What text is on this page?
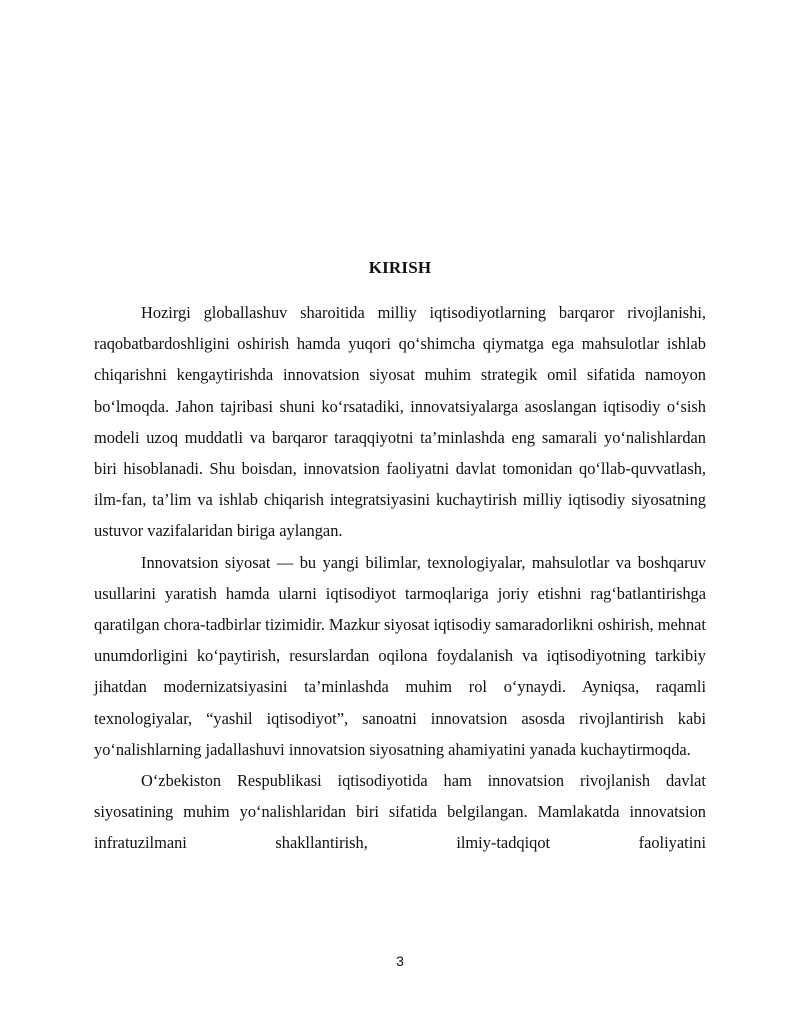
KIRISH

Hozirgi globallashuv sharoitida milliy iqtisodiyotlarning barqaror rivojlanishi, raqobatbardoshligini oshirish hamda yuqori qo‘shimcha qiymatga ega mahsulotlar ishlab chiqarishni kengaytirishda innovatsion siyosat muhim strategik omil sifatida namoyon bo‘lmoqda. Jahon tajribasi shuni ko‘rsatadiki, innovatsiyalarga asoslangan iqtisodiy o‘sish modeli uzoq muddatli va barqaror taraqqiyotni ta’minlashda eng samarali yo‘nalishlardan biri hisoblanadi. Shu boisdan, innovatsion faoliyatni davlat tomonidan qo‘llab-quvvatlash, ilm-fan, ta’lim va ishlab chiqarish integratsiyasini kuchaytirish milliy iqtisodiy siyosatning ustuvor vazifalaridan biriga aylangan.

Innovatsion siyosat — bu yangi bilimlar, texnologiyalar, mahsulotlar va boshqaruv usullarini yaratish hamda ularni iqtisodiyot tarmoqlariga joriy etishni rag‘batlantirishga qaratilgan chora-tadbirlar tizimidir. Mazkur siyosat iqtisodiy samaradorlikni oshirish, mehnat unumdorligini ko‘paytirish, resurslardan oqilona foydalanish va iqtisodiyotning tarkibiy jihatdan modernizatsiyasini ta’minlashda muhim rol o‘ynaydi. Ayniqsa, raqamli texnologiyalar, “yashil iqtisodiyot”, sanoatni innovatsion asosda rivojlantirish kabi yo‘nalishlarning jadallashuvi innovatsion siyosatning ahamiyatini yanada kuchaytirmoqda.

O‘zbekiston Respublikasi iqtisodiyotida ham innovatsion rivojlanish davlat siyosatining muhim yo‘nalishlaridan biri sifatida belgilangan. Mamlakatda innovatsion infratuzilmani shakllantirish, ilmiy-tadqiqot faoliyatini

3
